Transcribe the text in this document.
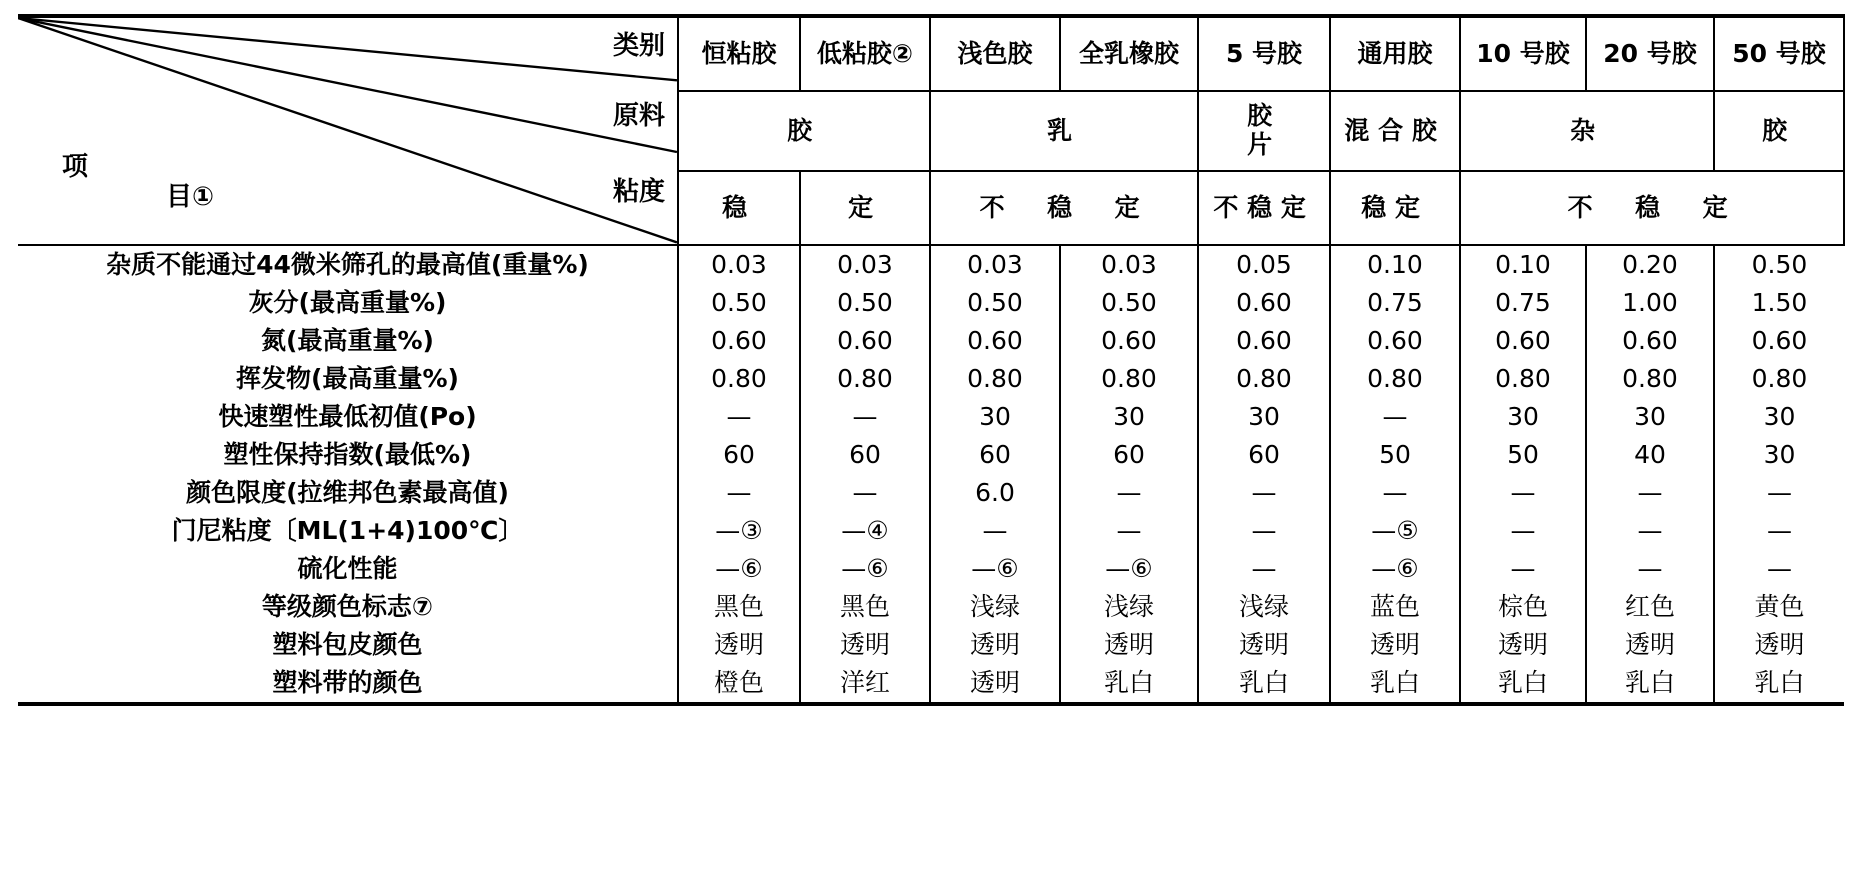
类别
原料
粘度
项
目①	恒粘胶	低粘胶②	浅色胶	全乳橡胶	5 号胶	通用胶	10 号胶	20 号胶	50 号胶
	胶		乳		胶　　片	混合胶	杂		胶
	稳	定	不　稳　定		不稳定	稳定	不　稳　定		
杂质不能通过44微米筛孔的最高值(重量%)	0.03	0.03	0.03	0.03	0.05	0.10	0.10	0.20	0.50
灰分(最高重量%)	0.50	0.50	0.50	0.50	0.60	0.75	0.75	1.00	1.50
氮(最高重量%)	0.60	0.60	0.60	0.60	0.60	0.60	0.60	0.60	0.60
挥发物(最高重量%)	0.80	0.80	0.80	0.80	0.80	0.80	0.80	0.80	0.80
快速塑性最低初值(Po)	—	—	30	30	30	—	30	30	30
塑性保持指数(最低%)	60	60	60	60	60	50	50	40	30
颜色限度(拉维邦色素最高值)	—	—	6.0	—	—	—	—	—	—
门尼粘度〔ML(1+4)100℃〕	—③	—④	—	—	—	—⑤	—	—	—
硫化性能	—⑥	—⑥	—⑥	—⑥	—	—⑥	—	—	—
等级颜色标志⑦	黑色	黑色	浅绿	浅绿	浅绿	蓝色	棕色	红色	黄色
塑料包皮颜色	透明	透明	透明	透明	透明	透明	透明	透明	透明
塑料带的颜色	橙色	洋红	透明	乳白	乳白	乳白	乳白	乳白	乳白
